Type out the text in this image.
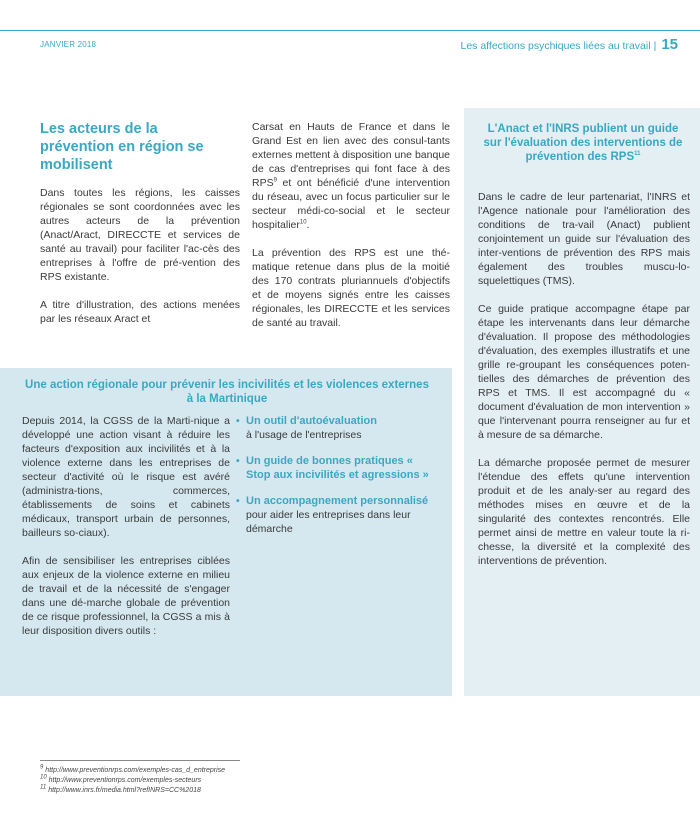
JANVIER 2018	Les affections psychiques liées au travail | 15
Les acteurs de la prévention en région se mobilisent

Dans toutes les régions, les caisses régionales se sont coordonnées avec les autres acteurs de la prévention (Anact/Aract, DIRECCTE et services de santé au travail) pour faciliter l'ac-cès des entreprises à l'offre de pré-vention des RPS existante.

A titre d'illustration, des actions menées par les réseaux Aract et

Carsat en Hauts de France et dans le Grand Est en lien avec des consul-tants externes mettent à disposition une banque de cas d'entreprises qui font face à des RPS$^9$ et ont bénéficié d'une intervention du réseau, avec un focus particulier sur le secteur médi-co-social et le secteur hospitalier$^{10}$.

La prévention des RPS est une thé-matique retenue dans plus de la moitié des 170 contrats pluriannuels d'objectifs et de moyens signés entre les caisses régionales, les DIRECCTE et les services de santé au travail.

L'Anact et l'INRS publient un guide sur l'évaluation des interventions de prévention des RPS$^{11}$

Dans le cadre de leur partenariat, l'INRS et l'Agence nationale pour l'amélioration des conditions de tra-vail (Anact) publient conjointement un guide sur l'évaluation des inter-ventions de prévention des RPS mais également des troubles muscu-lo-squelettiques (TMS).

Ce guide pratique accompagne étape par étape les intervenants dans leur démarche d'évaluation. Il propose des méthodologies d'évaluation, des exemples illustratifs et une grille re-groupant les conséquences poten-tielles des démarches de prévention des RPS et TMS. Il est accompagné du « document d'évaluation de mon intervention » que l'intervenant pourra renseigner au fur et à mesure de sa démarche.

La démarche proposée permet de mesurer l'étendue des effets qu'une intervention produit et de les analy-ser au regard des méthodes mises en œuvre et de la singularité des contextes rencontrés. Elle permet ainsi de mettre en valeur toute la ri-chesse, la diversité et la complexité des interventions de prévention.

Une action régionale pour prévenir les incivilités et les violences externes à la Martinique

Depuis 2014, la CGSS de la Marti-nique a développé une action visant à réduire les facteurs d'exposition aux incivilités et à la violence externe dans les entreprises de secteur d'activité où le risque est avéré (administra-tions, commerces, établissements de soins et cabinets médicaux, transport urbain de personnes, bailleurs so-ciaux).

Afin de sensibiliser les entreprises ciblées aux enjeux de la violence externe en milieu de travail et de la nécessité de s'engager dans une dé-marche globale de prévention de ce risque professionnel, la CGSS a mis à leur disposition divers outils :

• Un outil d'autoévaluation
à l'usage de l'entreprises
• Un guide de bonnes pratiques « Stop aux incivilités et agressions »
• Un accompagnement personnalisé pour aider les entreprises dans leur démarche
$^9$ http://www.preventionrps.com/exemples-cas_d_entreprise
$^{10}$ http://www.preventionrps.com/exemples-secteurs
$^{11}$ http://www.inrs.fr/media.html?refINRS=CC%2018
